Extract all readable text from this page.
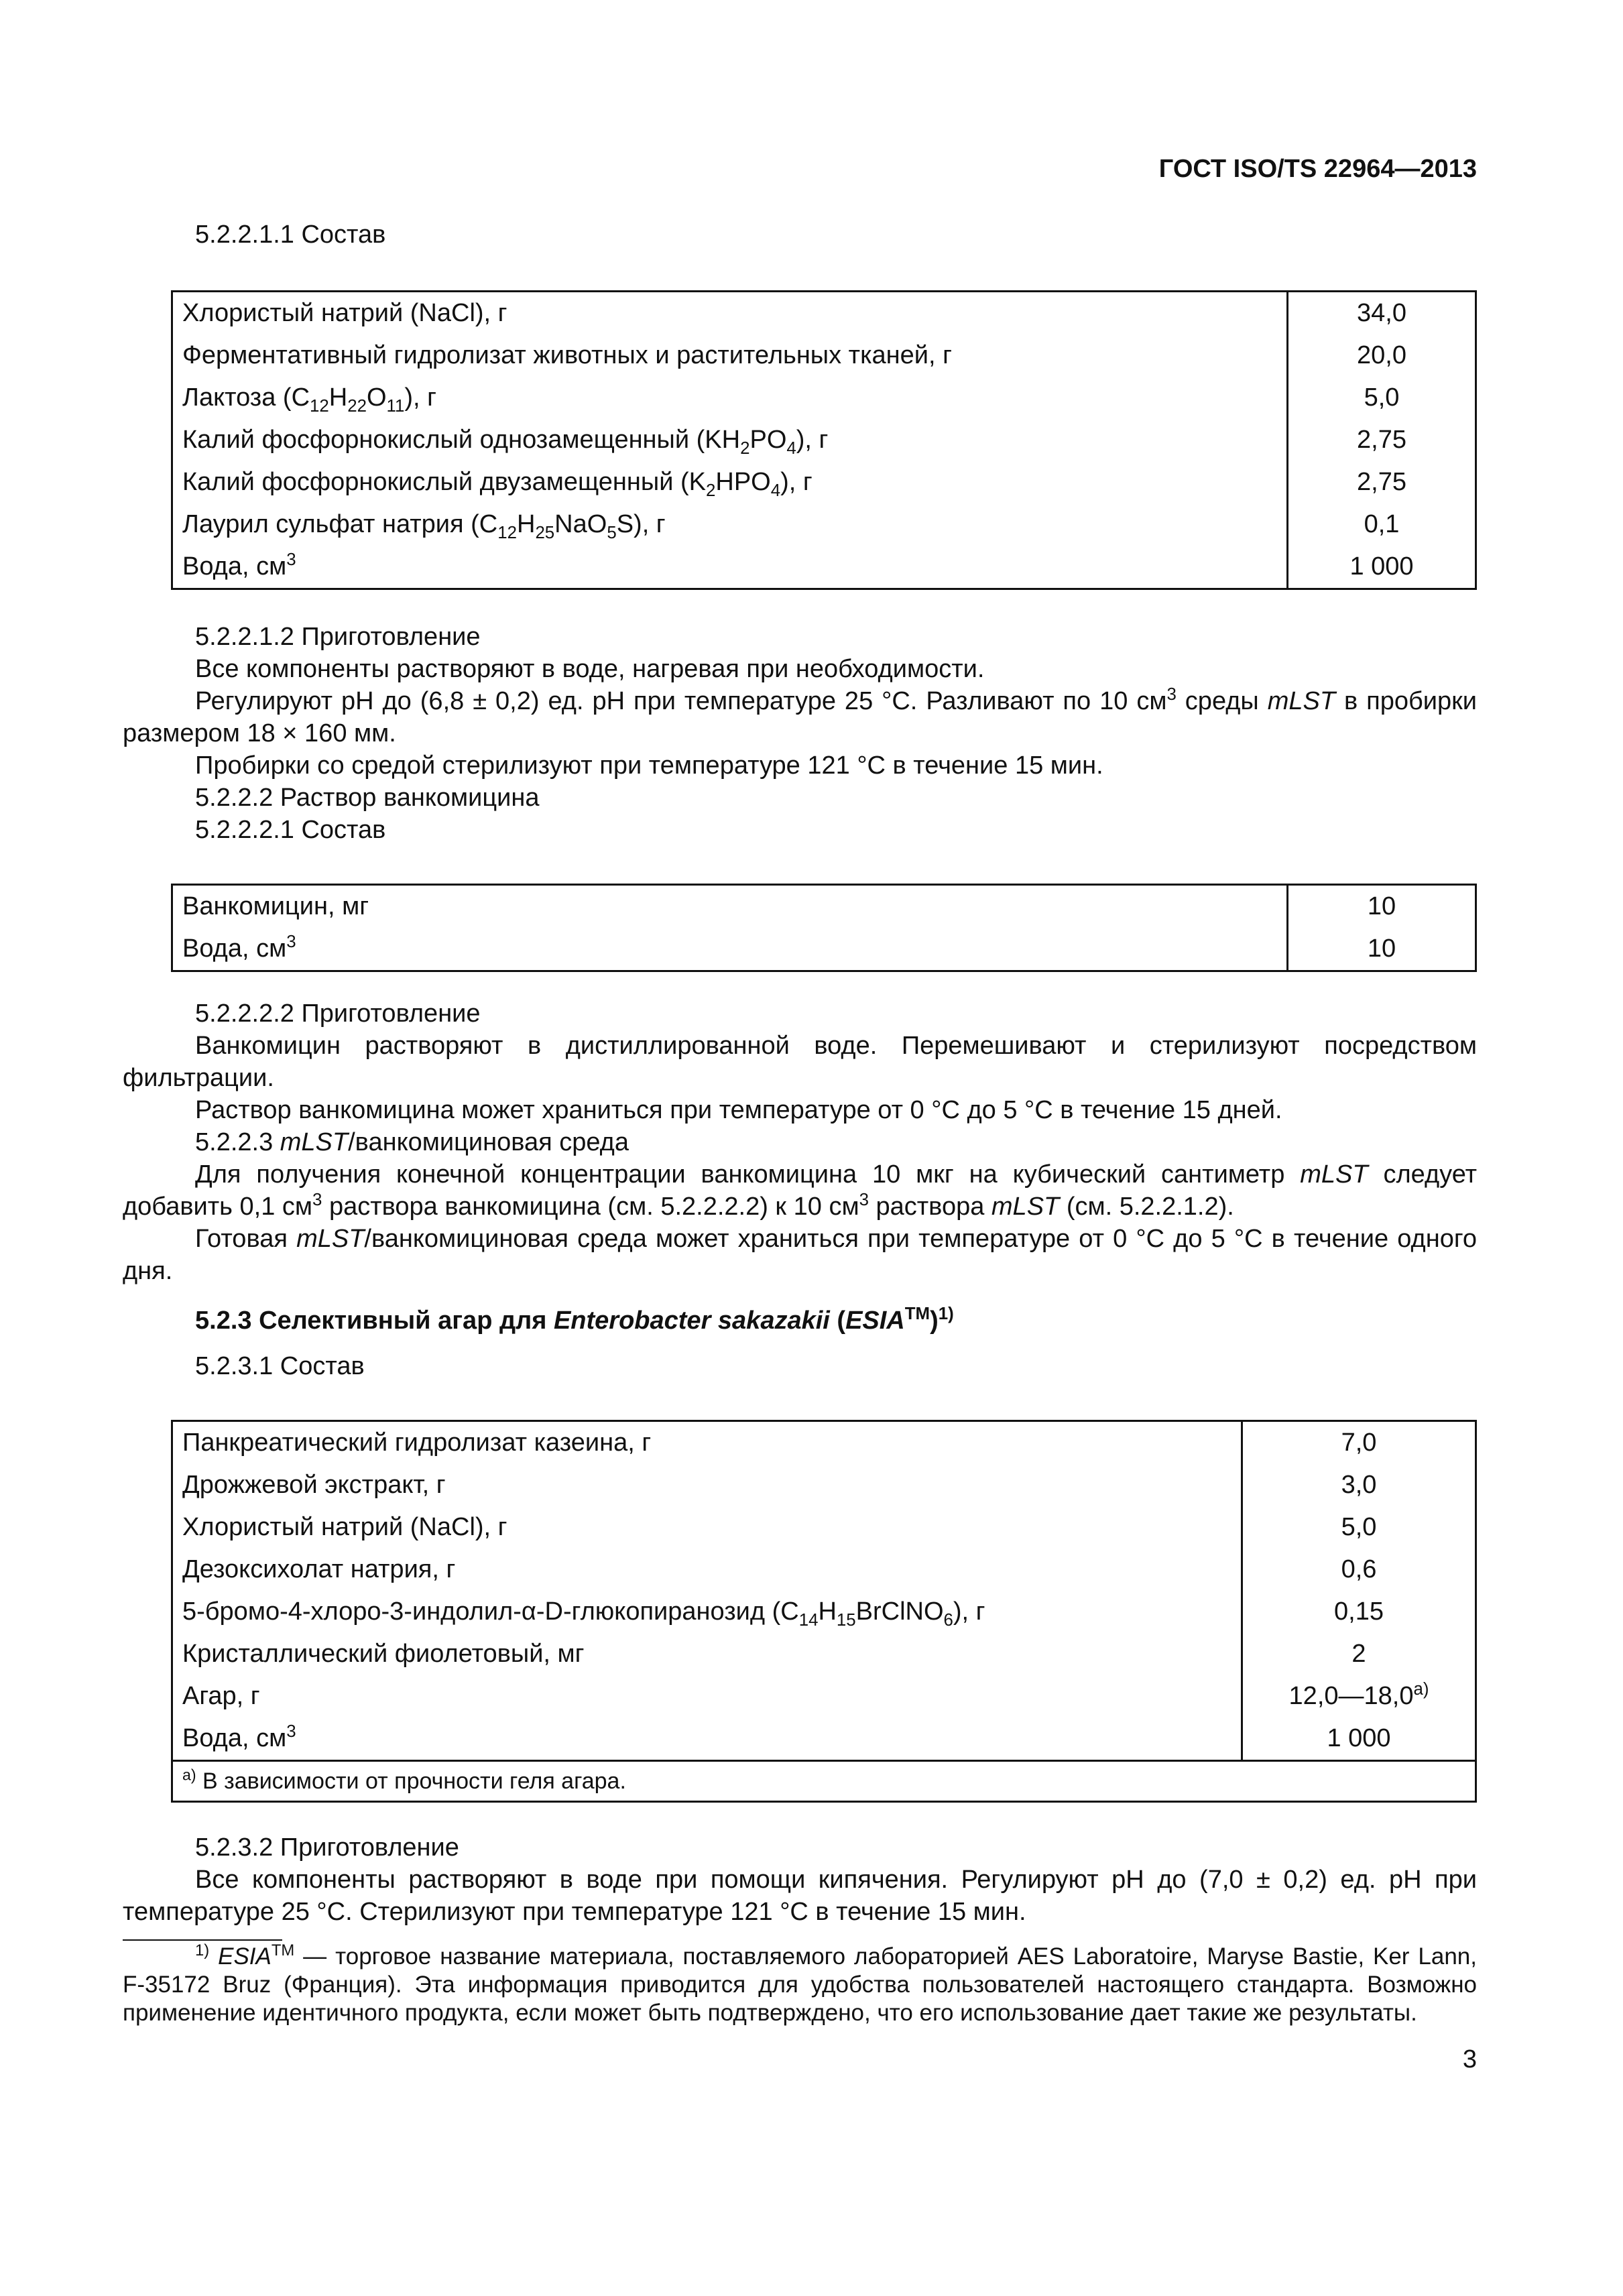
ГОСТ ISO/TS 22964—2013

5.2.2.1.1 Состав

Хлористый натрий (NaCl), г	34,0
Ферментативный гидролизат животных и растительных тканей, г	20,0
Лактоза $(C_{12}H_{22}O_{11})$, г	5,0
Калий фосфорнокислый однозамещенный $(KH_2PO_4)$, г	2,75
Калий фосфорнокислый двузамещенный $(K_2HPO_4)$, г	2,75
Лаурил сульфат натрия $(C_{12}H_{25}NaO_5S)$, г	0,1
Вода, $см^3$	1 000

5.2.2.1.2 Приготовление

Все компоненты растворяют в воде, нагревая при необходимости.

Регулируют pH до (6,8 ± 0,2) ед. pH при температуре 25 °С. Разливают по 10 $см^3$ среды mLST в пробирки размером 18 × 160 мм.

Пробирки со средой стерилизуют при температуре 121 °С в течение 15 мин.

5.2.2.2 Раствор ванкомицина

5.2.2.2.1 Состав

Ванкомицин, мг	10
Вода, $см^3$	10

5.2.2.2.2 Приготовление

Ванкомицин растворяют в дистиллированной воде. Перемешивают и стерилизуют посредством фильтрации.

Раствор ванкомицина может храниться при температуре от 0 °С до 5 °С в течение 15 дней.

5.2.2.3 mLST/ванкомициновая среда

Для получения конечной концентрации ванкомицина 10 мкг на кубический сантиметр mLST следует добавить 0,1 $см^3$ раствора ванкомицина (см. 5.2.2.2.2) к 10 $см^3$ раствора mLST (см. 5.2.2.1.2).

Готовая mLST/ванкомициновая среда может храниться при температуре от 0 °С до 5 °С в течение одного дня.

5.2.3 Селективный агар для Enterobacter sakazakii (ESIA™)$^{1)}$

5.2.3.1 Состав

Панкреатический гидролизат казеина, г	7,0
Дрожжевой экстракт, г	3,0
Хлористый натрий (NaCl), г	5,0
Дезоксихолат натрия, г	0,6
5-бромо-4-хлоро-3-индолил-α-D-глюкопиранозид $(C_{14}H_{15}BrClNO_6)$, г	0,15
Кристаллический фиолетовый, мг	2
Агар, г	12,0—18,0$^{a)}$
Вода, $см^3$	1 000
$^{a)}$ В зависимости от прочности геля агара.	

5.2.3.2 Приготовление

Все компоненты растворяют в воде при помощи кипячения. Регулируют pH до (7,0 ± 0,2) ед. pH при температуре 25 °С. Стерилизуют при температуре 121 °С в течение 15 мин.

$^{1)}$ ESIA™ — торговое название материала, поставляемого лабораторией AES Laboratoire, Maryse Bastie, Ker Lann, F-35172 Bruz (Франция). Эта информация приводится для удобства пользователей настоящего стандарта. Возможно применение идентичного продукта, если может быть подтверждено, что его использование дает такие же результаты.
3
